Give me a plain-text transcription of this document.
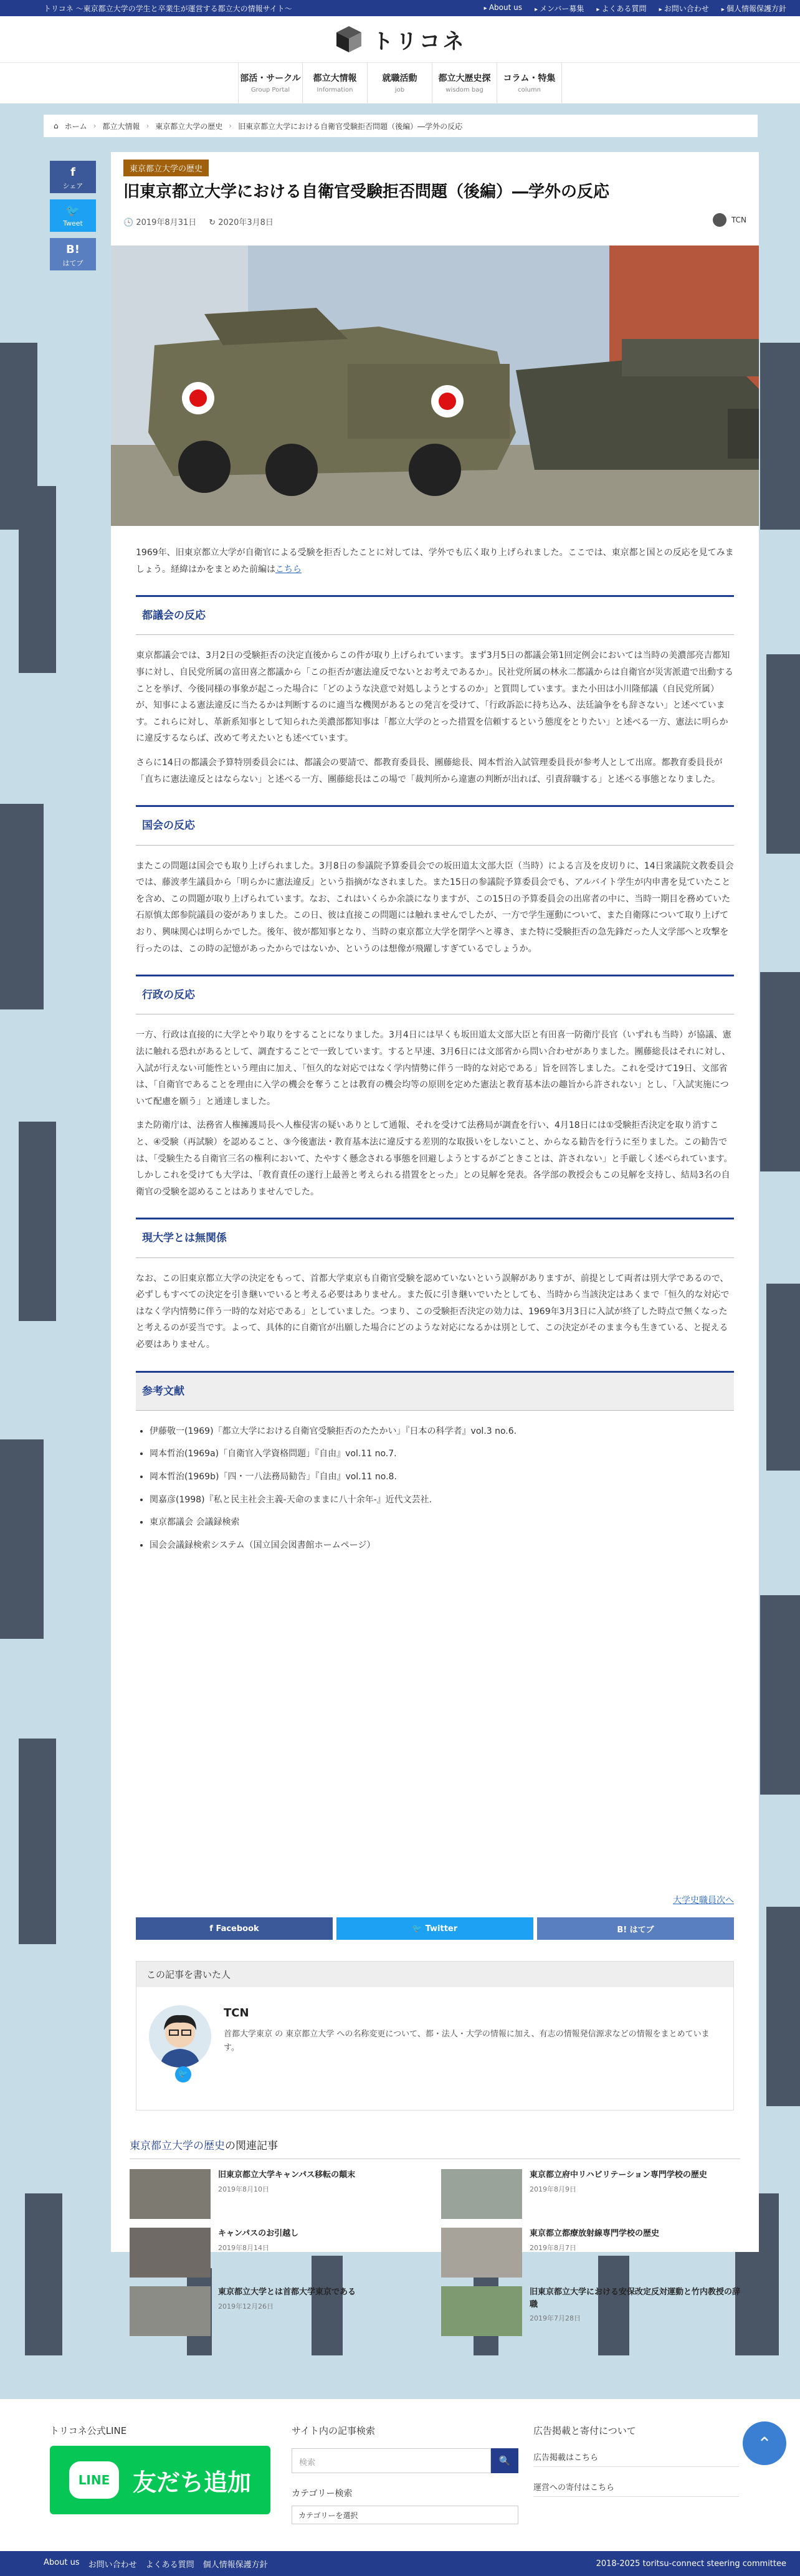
トリコネ 〜東京都立大学の学生と卒業生が運営する都立大の情報サイト〜	▸ About us	▸ メンバー募集	▸ よくある質問	▸ お問い合わせ	▸ 個人情報保護方針
トリコネ
部活・サークル
Group Portal
都立大情報
Information
就職活動
job
都立大歴史探
wisdom bag
コラム・特集
column
⌂ ホーム › 都立大情報 › 東京都立大学の歴史 › 旧東京都立大学における自衛官受験拒否問題（後編）―学外の反応
f
シェア
🐦
Tweet
B!
はてブ
東京都立大学の歴史
旧東京都立大学における自衛官受験拒否問題（後編）―学外の反応
🕓 2019年8月31日 ↻ 2020年3月8日	TCN

1969年、旧東京都立大学が自衛官による受験を拒否したことに対しては、学外でも広く取り上げられました。ここでは、東京都と国との反応を見てみましょう。経緯はかをまとめた前編はこちら

都議会の反応

東京都議会では、3月2日の受験拒否の決定直後からこの件が取り上げられています。まず3月5日の都議会第1回定例会においては当時の美濃部亮吉都知事に対し、自民党所属の富田喜之都議から「この拒否が憲法違反でないとお考えであるか」。民社党所属の林永二都議からは自衛官が災害派遣で出動することを挙げ、今後同様の事象が起こった場合に「どのような決意で対処しようとするのか」と質問しています。また小田は小川隆郁議（自民党所属）が、知事による憲法違反に当たるかは判断するのに適当な機関があるとの発言を受けて、「行政訴訟に持ち込み、法廷論争をも辞さない」と述べています。これらに対し、革新系知事として知られた美濃部都知事は「都立大学のとった措置を信頼するという態度をとりたい」と述べる一方、憲法に明らかに違反するならば、改めて考えたいとも述べています。

さらに14日の都議会予算特別委員会には、都議会の要請で、都教育委員長、團藤総長、岡本哲治入試管理委員長が参考人として出席。都教育委員長が「直ちに憲法違反とはならない」と述べる一方、團藤総長はこの場で「裁判所から違憲の判断が出れば、引責辞職する」と述べる事態となりました。

国会の反応

またこの問題は国会でも取り上げられました。3月8日の参議院予算委員会での坂田道太文部大臣（当時）による言及を皮切りに、14日衆議院文教委員会では、藤波孝生議員から「明らかに憲法違反」という指摘がなされました。また15日の参議院予算委員会でも、アルバイト学生が内申書を見ていたことを含め、この問題が取り上げられています。なお、これはいくらか余談になりますが、この15日の予算委員会の出席者の中に、当時一期目を務めていた石原慎太郎参院議員の姿がありました。この日、彼は直接この問題には触れませんでしたが、一方で学生運動について、また自衛隊について取り上げており、興味関心は明らかでした。後年、彼が都知事となり、当時の東京都立大学を閉学へと導き、また特に受験拒否の急先鋒だった人文学部へと攻撃を行ったのは、この時の記憶があったからではないか、というのは想像が飛躍しすぎているでしょうか。

行政の反応

一方、行政は直接的に大学とやり取りをすることになりました。3月4日には早くも坂田道太文部大臣と有田喜一防衛庁長官（いずれも当時）が協議、憲法に触れる恐れがあるとして、調査することで一致しています。すると早速、3月6日には文部省から問い合わせがありました。團藤総長はそれに対し、入試が行えない可能性という理由に加え、「恒久的な対応ではなく学内情勢に伴う一時的な対応である」旨を回答しました。これを受けて19日、文部省は、「自衛官であることを理由に入学の機会を奪うことは教育の機会均等の原則を定めた憲法と教育基本法の趣旨から許されない」とし、「入試実施について配慮を願う」と通達しました。

また防衛庁は、法務省人権擁護局長へ人権侵害の疑いありとして通報、それを受けて法務局が調査を行い、4月18日には①受験拒否決定を取り消すこと、④受験（再試験）を認めること、③今後憲法・教育基本法に違反する差別的な取扱いをしないこと、からなる勧告を行うに至りました。この勧告では、「受験生たる自衛官三名の権利において、たやすく懸念される事態を回避しようとするがごときことは、許されない」と手厳しく述べられています。しかしこれを受けても大学は、「教育責任の遂行上最善と考えられる措置をとった」との見解を発表。各学部の教授会もこの見解を支持し、結局3名の自衛官の受験を認めることはありませんでした。

現大学とは無関係

なお、この旧東京都立大学の決定をもって、首都大学東京も自衛官受験を認めていないという誤解がありますが、前提として両者は別大学であるので、必ずしもすべての決定を引き継いでいると考える必要はありません。また仮に引き継いでいたとしても、当時から当該決定はあくまで「恒久的な対応ではなく学内情勢に伴う一時的な対応である」としていました。つまり、この受験拒否決定の効力は、1969年3月3日に入試が終了した時点で無くなったと考えるのが妥当です。よって、具体的に自衛官が出願した場合にどのような対応になるかは別として、この決定がそのまま今も生きている、と捉える必要はありません。

参考文献
• 伊藤敬一(1969)「都立大学における自衛官受験拒否のたたかい」『日本の科学者』vol.3 no.6.
• 岡本哲治(1969a)「自衛官入学資格問題」『自由』vol.11 no.7.
• 岡本哲治(1969b)「四・一八法務局勧告」『自由』vol.11 no.8.
• 関嘉彦(1998)『私と民主社会主義-天命のままに八十余年-』近代文芸社.
• 東京都議会 会議録検索
• 国会会議録検索システム（国立国会図書館ホームページ）
大学史職員次へ
f Facebook	🐦 Twitter	B! はてブ
この記事を書いた人
TCN
首都大学東京 の 東京都立大学 への名称変更について、都・法人・大学の情報に加え、有志の情報発信源求などの情報をまとめています。
🐦
東京都立大学の歴史の関連記事
旧東京都立大学キャンパス移転の顛末
2019年8月10日
東京都立府中リハビリテーション専門学校の歴史
2019年8月9日
キャンパスのお引越し
2019年8月14日
東京都立都療放射線専門学校の歴史
2019年8月7日
東京都立大学とは首都大学東京である
2019年12月26日
旧東京都立大学における安保改定反対運動と竹内教授の辞職
2019年7月28日
トリコネ公式LINE
LINE 友だち追加
サイト内の記事検索
検索	🔍
カテゴリー検索
カテゴリーを選択
広告掲載と寄付について
広告掲載はこちら
運営への寄付はこちら
⌃
About us お問い合わせ よくある質問 個人情報保護方針	2018-2025 toritsu-connect steering committee
